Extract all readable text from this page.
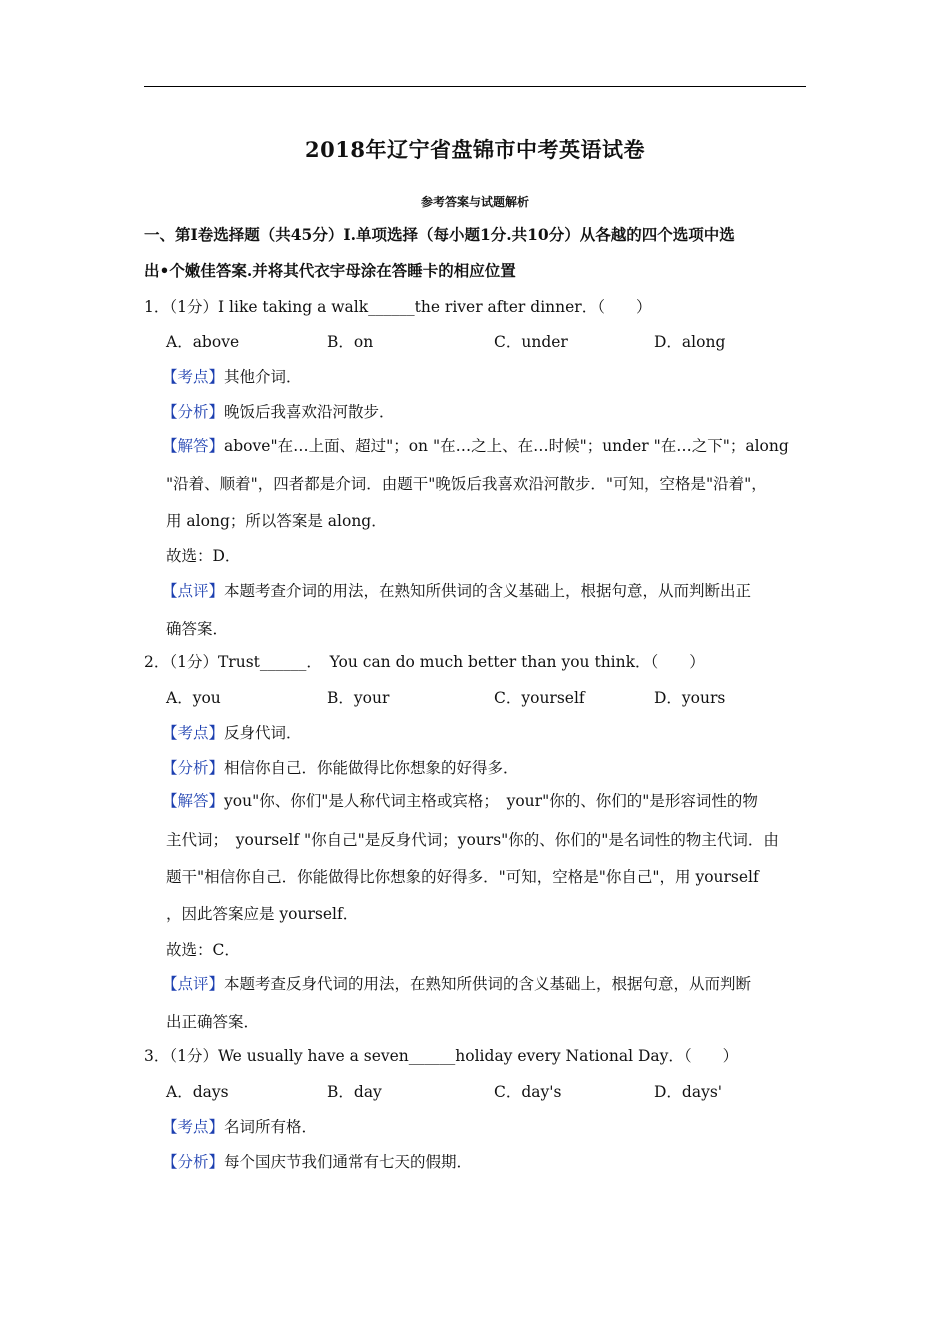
2018年辽宁省盘锦市中考英语试卷
参考答案与试题解析
一、第Ⅰ卷选择题（共45分）Ⅰ.单项选择（每小题1分.共10分）从各越的四个选项中选
出•个嫩佳答案.并将其代衣宇母涂在答睡卡的相应位置
1．（1分）I like taking a walk______the river after dinner．（　　）
A．above	B．on	C．under	D．along
【考点】其他介词．
【分析】晚饭后我喜欢沿河散步．
【解答】above"在…上面、超过"；on "在…之上、在…时候"；under "在…之下"；along
"沿着、顺着"，四者都是介词．由题干"晚饭后我喜欢沿河散步．"可知，空格是"沿着"，
用 along；所以答案是 along．
故选：D．
【点评】本题考查介词的用法，在熟知所供词的含义基础上，根据句意，从而判断出正
确答案．
2．（1分）Trust______．　You can do much better than you think．（　　）
A．you	B．your	C．yourself	D．yours
【考点】反身代词．
【分析】相信你自己．你能做得比你想象的好得多．
【解答】you"你、你们"是人称代词主格或宾格；　your"你的、你们的"是形容词性的物
主代词；　yourself "你自己"是反身代词；yours"你的、你们的"是名词性的物主代词．由
题干"相信你自己．你能做得比你想象的好得多．"可知，空格是"你自己"，用 yourself
，因此答案应是 yourself．
故选：C．
【点评】本题考查反身代词的用法，在熟知所供词的含义基础上，根据句意，从而判断
出正确答案．
3．（1分）We usually have a seven______holiday every National Day．（　　）
A．days	B．day	C．day's	D．days'
【考点】名词所有格．
【分析】每个国庆节我们通常有七天的假期．
